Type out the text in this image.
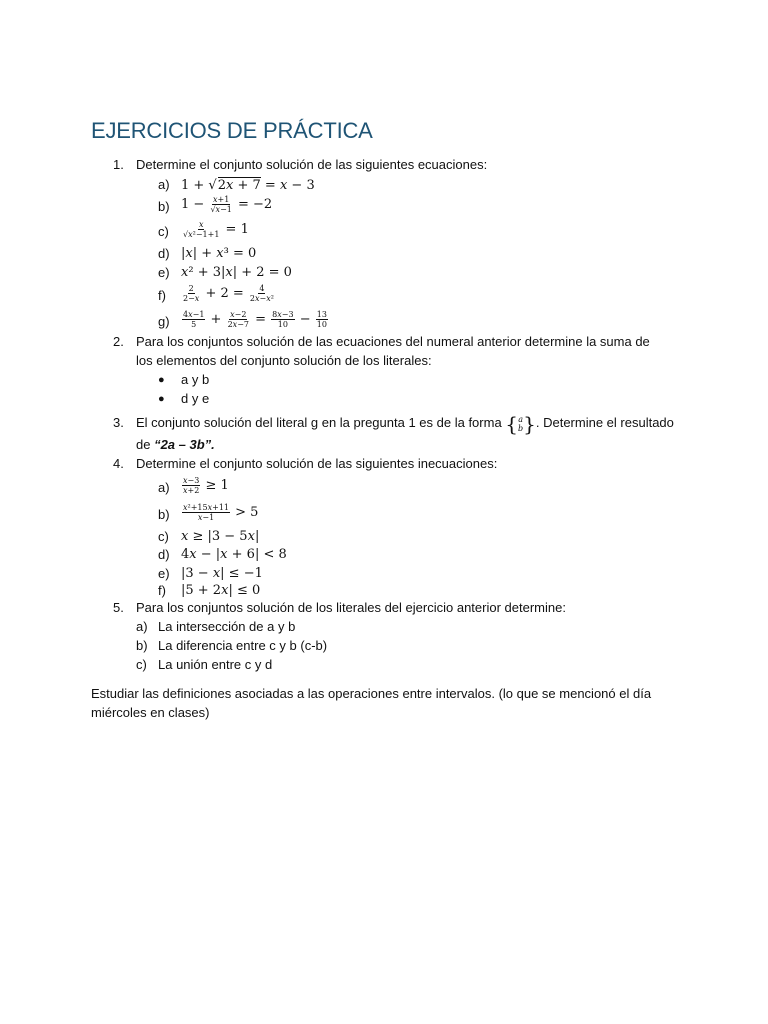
EJERCICIOS DE PRÁCTICA
1. Determine el conjunto solución de las siguientes ecuaciones:
a) 1 + √2x + 7 = x − 3
b) $1 - \frac{x+1}{√x-1} = -2$
$c) \frac{x}{\text{√x²−1+1}} = 1$
d) |x| + x³ = 0
e) x² + 3|x| + 2 = 0
$f) \frac{2}{2-x} + 2 = \frac{4}{\text{2x−x²}}$
$g) \frac{4x-1}{5} + \frac{x-2}{2x-7} = \frac{8x-3}{10} - \frac{13}{10}$
2. Para los conjuntos solución de las ecuaciones del numeral anterior determine la suma de
los elementos del conjunto solución de los literales:
● a y b
● d y e
3. El conjunto solución del literal g en la pregunta 1 es de la forma { a
b } . Determine el resultado
de “2a – 3b”.
4. Determine el conjunto solución de las siguientes inecuaciones:
$a) \frac{x-3}{x+2} \ge 1$
$b) \frac{\text{x²+15x+11}}{x-1} > 5$
c) x ≥ |3 − 5x|
d) 4x − |x + 6| < 8
e) |3 − x| ≤ −1
f) |5 + 2x| ≤ 0
5. Para los conjuntos solución de los literales del ejercicio anterior determine:
a) La intersección de a y b
b) La diferencia entre c y b (c-b)
c) La unión entre c y d
Estudiar las definiciones asociadas a las operaciones entre intervalos. (lo que se mencionó el día
miércoles en clases)
